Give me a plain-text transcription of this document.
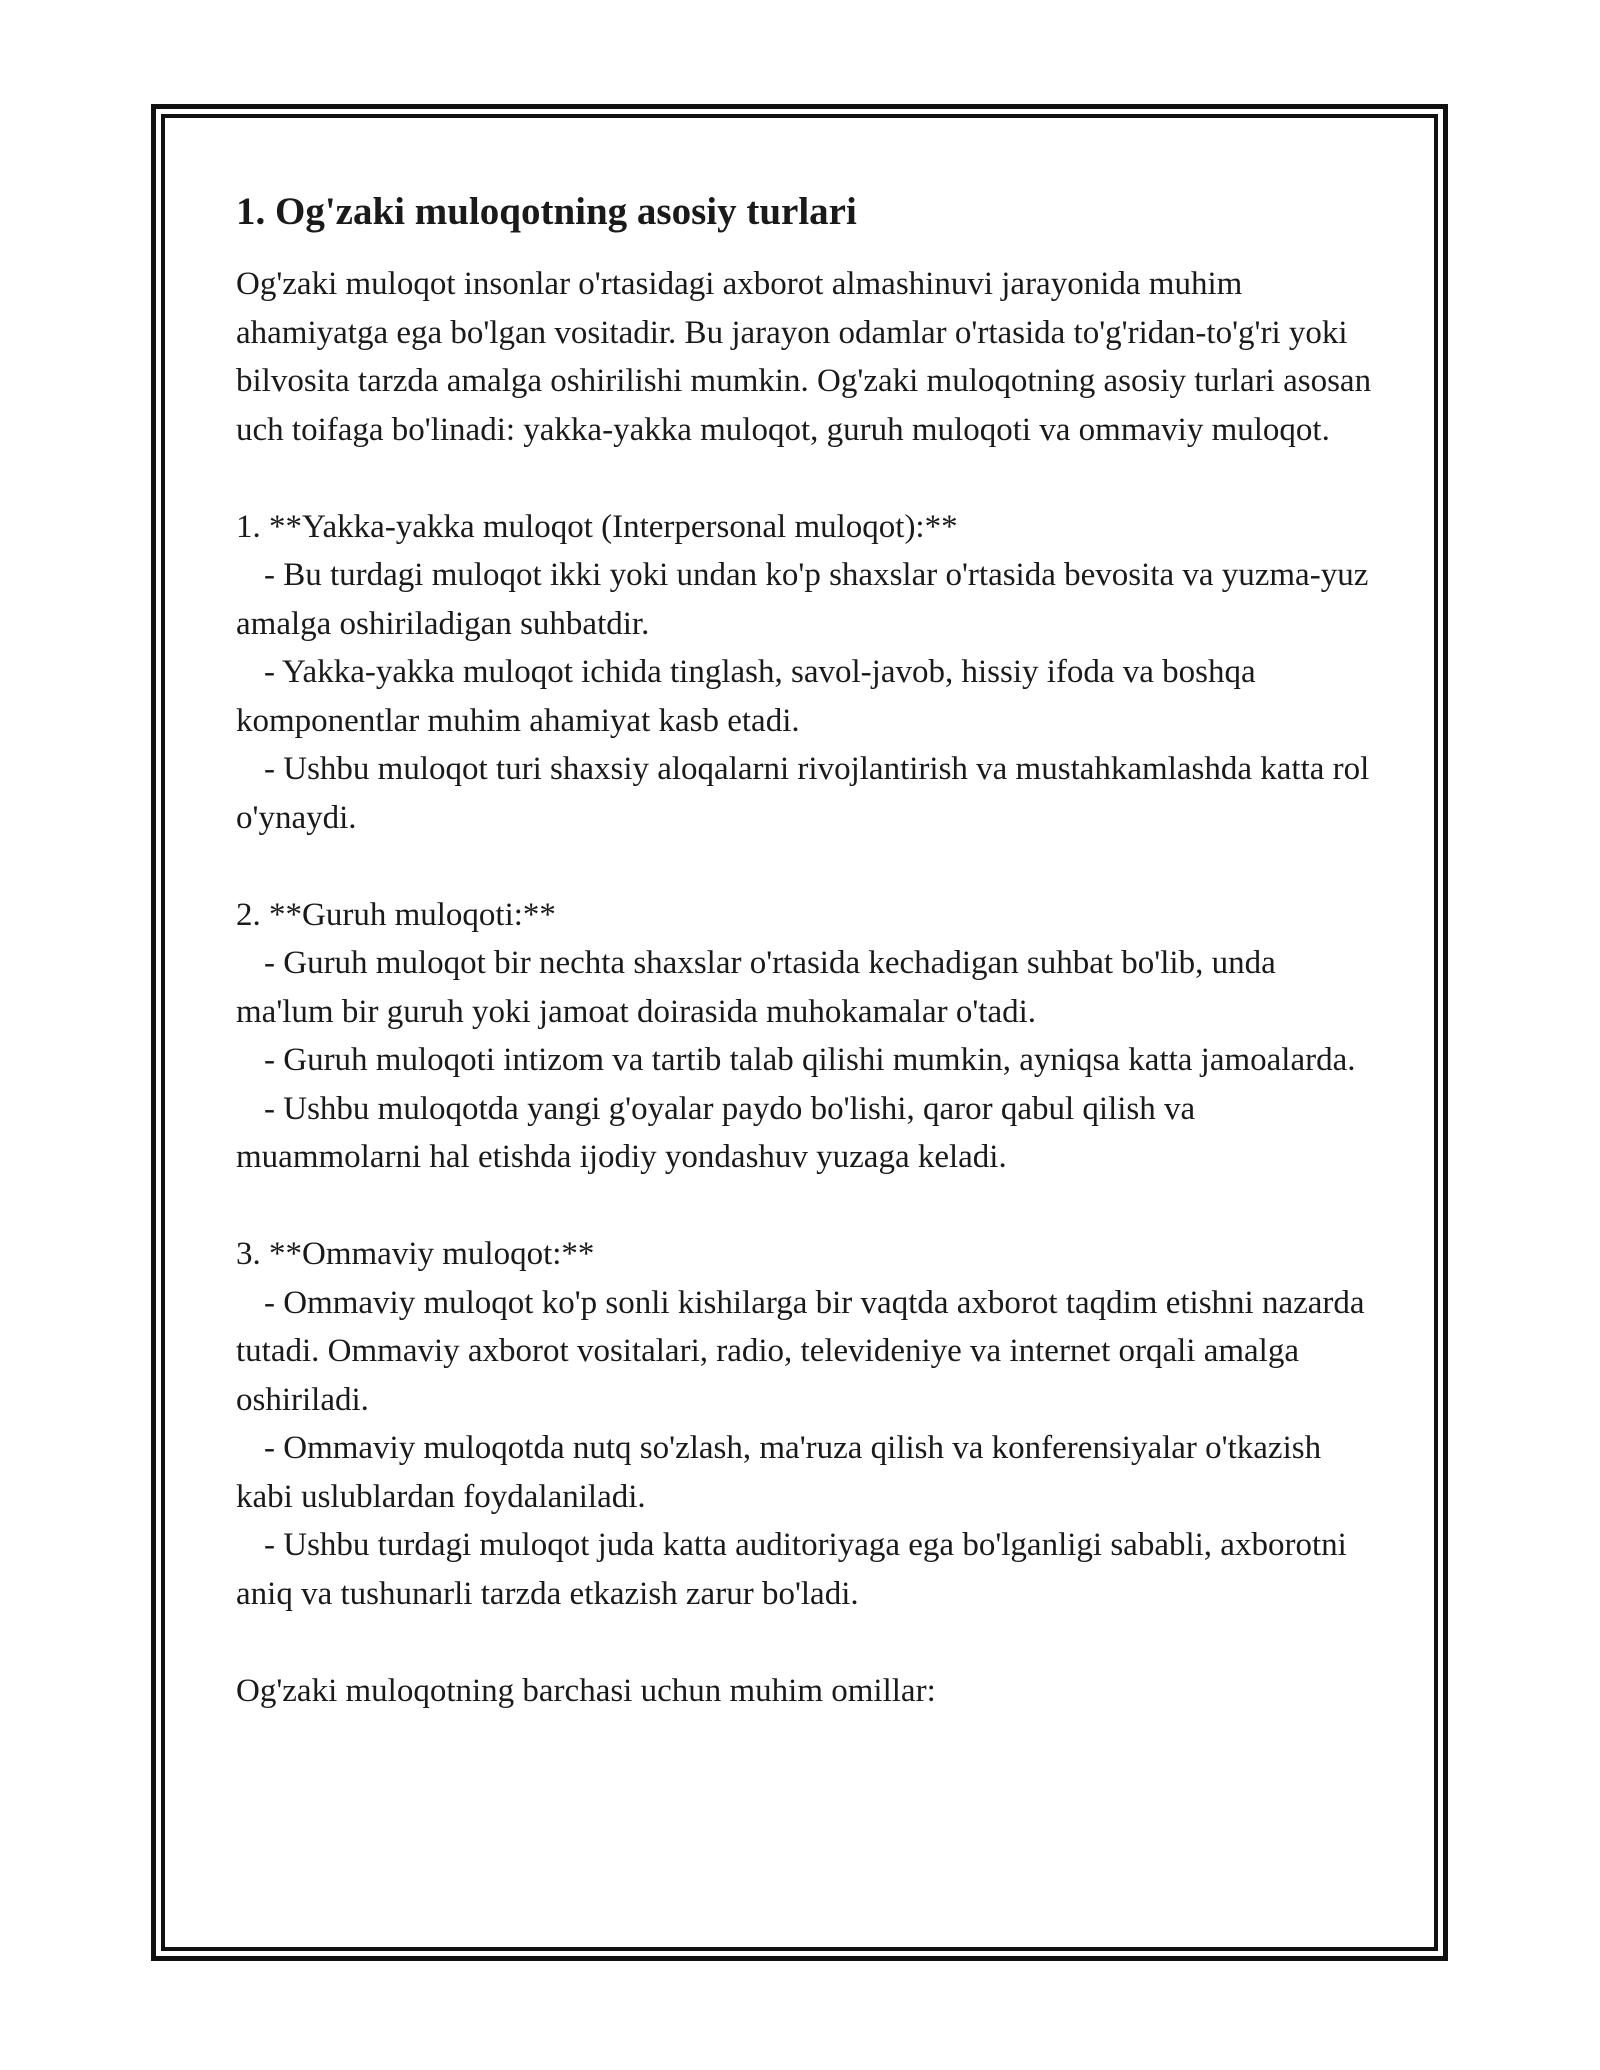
1. Og'zaki muloqotning asosiy turlari

Og'zaki muloqot insonlar o'rtasidagi axborot almashinuvi jarayonida muhim ahamiyatga ega bo'lgan vositadir. Bu jarayon odamlar o'rtasida to'g'ridan-to'g'ri yoki bilvosita tarzda amalga oshirilishi mumkin. Og'zaki muloqotning asosiy turlari asosan uch toifaga bo'linadi: yakka-yakka muloqot, guruh muloqoti va ommaviy muloqot.

1. **Yakka-yakka muloqot (Interpersonal muloqot):**

- Bu turdagi muloqot ikki yoki undan ko'p shaxslar o'rtasida bevosita va yuzma-yuz amalga oshiriladigan suhbatdir.

- Yakka-yakka muloqot ichida tinglash, savol-javob, hissiy ifoda va boshqa komponentlar muhim ahamiyat kasb etadi.

- Ushbu muloqot turi shaxsiy aloqalarni rivojlantirish va mustahkamlashda katta rol o'ynaydi.

2. **Guruh muloqoti:**

- Guruh muloqot bir nechta shaxslar o'rtasida kechadigan suhbat bo'lib, unda ma'lum bir guruh yoki jamoat doirasida muhokamalar o'tadi.

- Guruh muloqoti intizom va tartib talab qilishi mumkin, ayniqsa katta jamoalarda.

- Ushbu muloqotda yangi g'oyalar paydo bo'lishi, qaror qabul qilish va muammolarni hal etishda ijodiy yondashuv yuzaga keladi.

3. **Ommaviy muloqot:**

- Ommaviy muloqot ko'p sonli kishilarga bir vaqtda axborot taqdim etishni nazarda tutadi. Ommaviy axborot vositalari, radio, televideniye va internet orqali amalga oshiriladi.

- Ommaviy muloqotda nutq so'zlash, ma'ruza qilish va konferensiyalar o'tkazish kabi uslublardan foydalaniladi.

- Ushbu turdagi muloqot juda katta auditoriyaga ega bo'lganligi sababli, axborotni aniq va tushunarli tarzda etkazish zarur bo'ladi.

Og'zaki muloqotning barchasi uchun muhim omillar:
